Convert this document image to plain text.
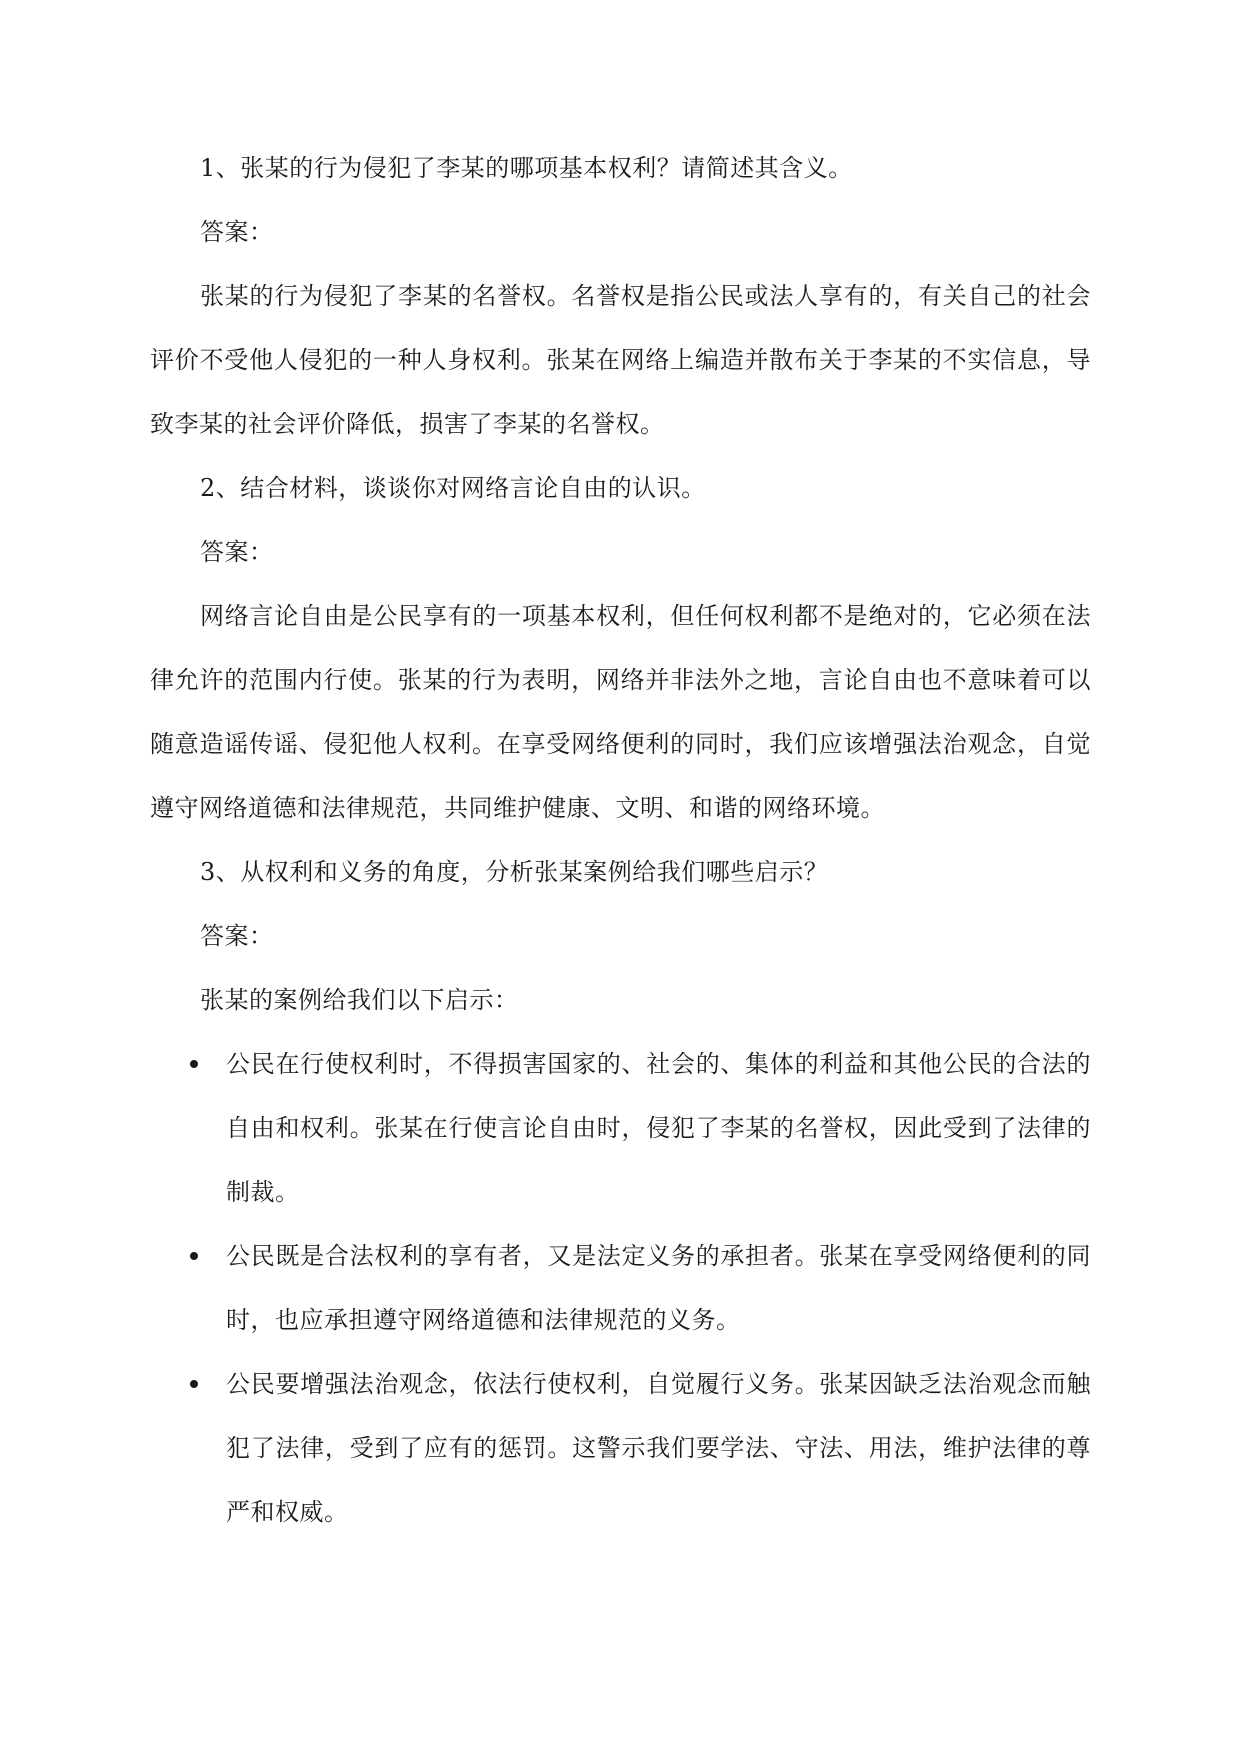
1、张某的行为侵犯了李某的哪项基本权利？请简述其含义。

答案：

张某的行为侵犯了李某的名誉权。名誉权是指公民或法人享有的，有关自己的社会评价不受他人侵犯的一种人身权利。张某在网络上编造并散布关于李某的不实信息，导致李某的社会评价降低，损害了李某的名誉权。

2、结合材料，谈谈你对网络言论自由的认识。

答案：

网络言论自由是公民享有的一项基本权利，但任何权利都不是绝对的，它必须在法律允许的范围内行使。张某的行为表明，网络并非法外之地，言论自由也不意味着可以随意造谣传谣、侵犯他人权利。在享受网络便利的同时，我们应该增强法治观念，自觉遵守网络道德和法律规范，共同维护健康、文明、和谐的网络环境。

3、从权利和义务的角度，分析张某案例给我们哪些启示？

答案：

张某的案例给我们以下启示：

公民在行使权利时，不得损害国家的、社会的、集体的利益和其他公民的合法的自由和权利。张某在行使言论自由时，侵犯了李某的名誉权，因此受到了法律的制裁。
公民既是合法权利的享有者，又是法定义务的承担者。张某在享受网络便利的同时，也应承担遵守网络道德和法律规范的义务。
公民要增强法治观念，依法行使权利，自觉履行义务。张某因缺乏法治观念而触犯了法律，受到了应有的惩罚。这警示我们要学法、守法、用法，维护法律的尊严和权威。
